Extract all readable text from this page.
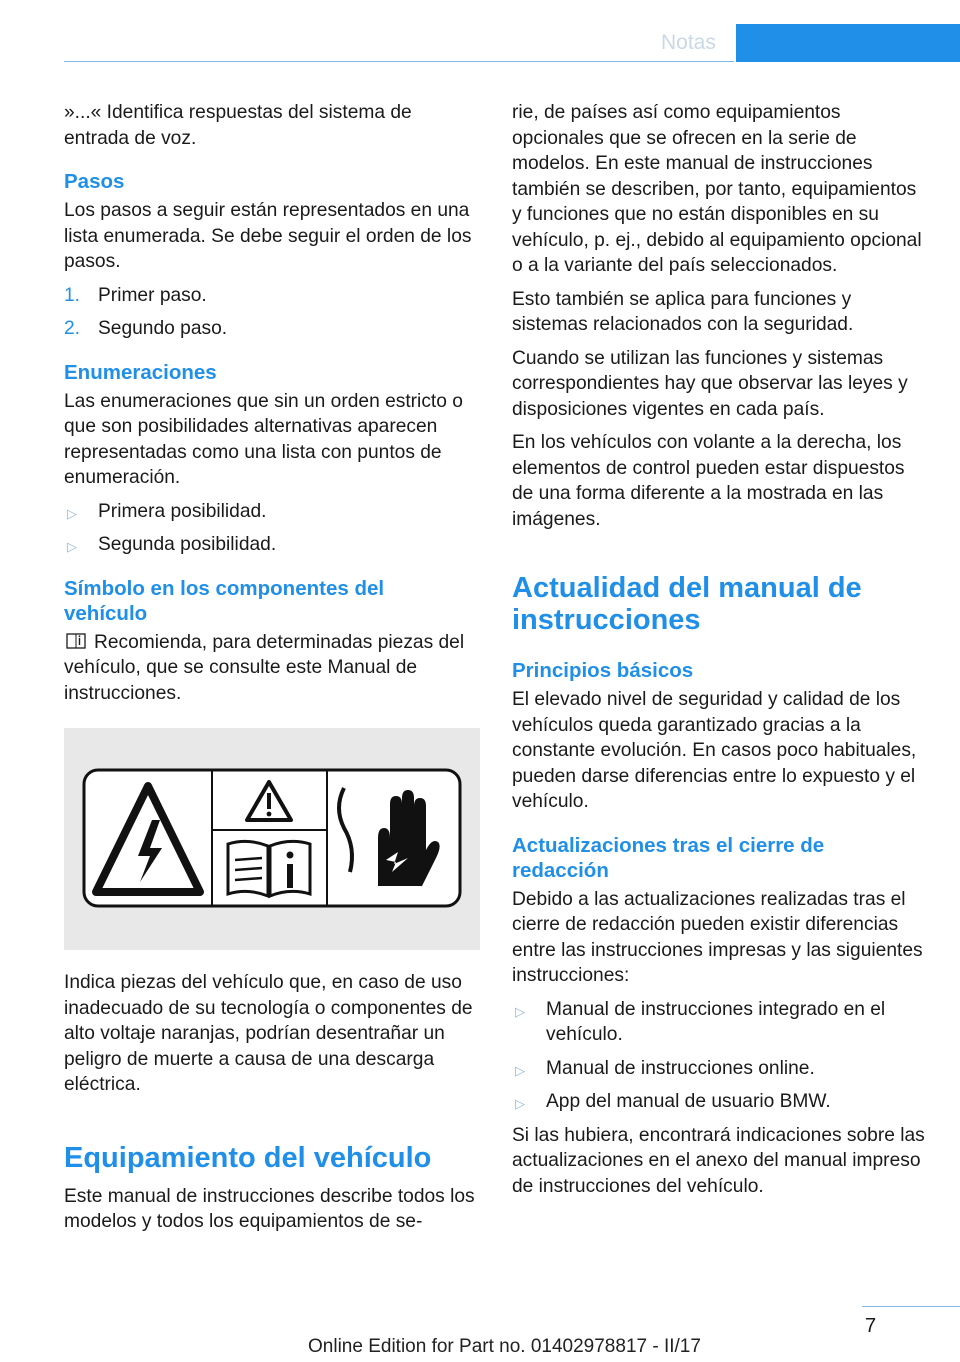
Notas

»...« Identifica respuestas del sistema de entrada de voz.

Pasos

Los pasos a seguir están representados en una lista enumerada. Se debe seguir el orden de los pasos.

1. Primer paso.
2. Segundo paso.
Enumeraciones

Las enumeraciones que sin un orden estricto o que son posibilidades alternativas aparecen representadas como una lista con puntos de enumeración.

▷ Primera posibilidad.
▷ Segunda posibilidad.
Símbolo en los componentes del vehículo

Recomienda, para determinadas piezas del vehículo, que se consulte este Manual de instrucciones.

Indica piezas del vehículo que, en caso de uso inadecuado de su tecnología o componentes de alto voltaje naranjas, podrían desentrañar un peligro de muerte a causa de una descarga eléctrica.

Equipamiento del vehículo

Este manual de instrucciones describe todos los modelos y todos los equipamientos de se-

rie, de países así como equipamientos opcionales que se ofrecen en la serie de modelos. En este manual de instrucciones también se describen, por tanto, equipamientos y funciones que no están disponibles en su vehículo, p. ej., debido al equipamiento opcional o a la variante del país seleccionados.

Esto también se aplica para funciones y sistemas relacionados con la seguridad.

Cuando se utilizan las funciones y sistemas correspondientes hay que observar las leyes y disposiciones vigentes en cada país.

En los vehículos con volante a la derecha, los elementos de control pueden estar dispuestos de una forma diferente a la mostrada en las imágenes.

Actualidad del manual de instrucciones
Principios básicos

El elevado nivel de seguridad y calidad de los vehículos queda garantizado gracias a la constante evolución. En casos poco habituales, pueden darse diferencias entre lo expuesto y el vehículo.

Actualizaciones tras el cierre de redacción

Debido a las actualizaciones realizadas tras el cierre de redacción pueden existir diferencias entre las instrucciones impresas y las siguientes instrucciones:

▷ Manual de instrucciones integrado en el vehículo.
▷ Manual de instrucciones online.
▷ App del manual de usuario BMW.

Si las hubiera, encontrará indicaciones sobre las actualizaciones en el anexo del manual impreso de instrucciones del vehículo.

7
Online Edition for Part no. 01402978817 - II/17
